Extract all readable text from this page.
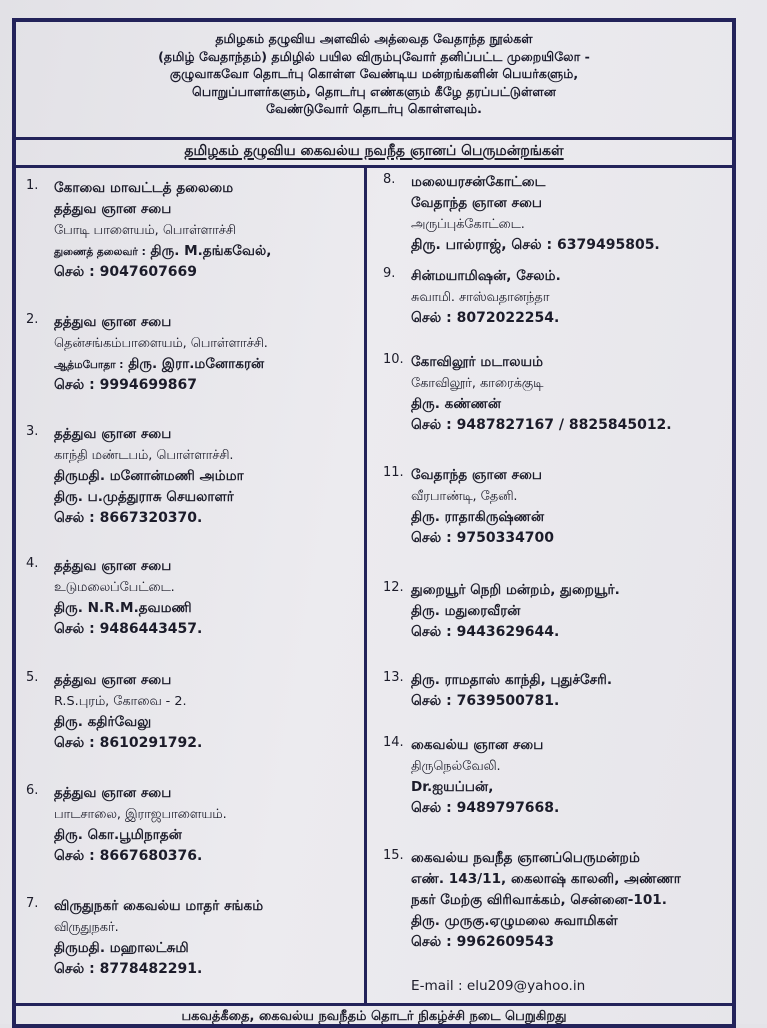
தமிழகம் தழுவிய அளவில் அத்வைத வேதாந்த நூல்கள்
(தமிழ் வேதாந்தம்) தமிழில் பயில விரும்புவோர் தனிப்பட்ட முறையிலோ -
குழுவாகவோ தொடர்பு கொள்ள வேண்டிய மன்றங்களின் பெயர்களும்,
பொறுப்பாளர்களும், தொடர்பு எண்களும் கீழே தரப்பட்டுள்ளன
வேண்டுவோர் தொடர்பு கொள்ளவும்.
தமிழகம் தழுவிய கைவல்ய நவநீத ஞானப் பெருமன்றங்கள்
1. கோவை மாவட்டத் தலைமை
தத்துவ ஞான சபை
போடி பாளையம், பொள்ளாச்சி
துணைத் தலைவர் : திரு. M.தங்கவேல்,
செல் : 9047607669
2. தத்துவ ஞான சபை
தென்சங்கம்பாளையம், பொள்ளாச்சி.
ஆத்மபோதா : திரு. இரா.மனோகரன்
செல் : 9994699867
3. தத்துவ ஞான சபை
காந்தி மண்டபம், பொள்ளாச்சி.
திருமதி. மனோன்மணி அம்மா
திரு. ப.முத்துராசு செயலாளர்
செல் : 8667320370.
4. தத்துவ ஞான சபை
உடுமலைப்பேட்டை.
திரு. N.R.M.தவமணி
செல் : 9486443457.
5. தத்துவ ஞான சபை
R.S.புரம், கோவை - 2.
திரு. கதிர்வேலு
செல் : 8610291792.
6. தத்துவ ஞான சபை
பாடசாலை, இராஜபாளையம்.
திரு. கொ.பூமிநாதன்
செல் : 8667680376.
7. விருதுநகர் கைவல்ய மாதர் சங்கம்
விருதுநகர்.
திருமதி. மஹாலட்சுமி
செல் : 8778482291.
8. மலையரசன்கோட்டை
வேதாந்த ஞான சபை
அருப்புக்கோட்டை.
திரு. பால்ராஜ், செல் : 6379495805.
9. சின்மயாமிஷன், சேலம்.
சுவாமி. சாஸ்வதானந்தா
செல் : 8072022254.
10. கோவிலூர் மடாலயம்
கோவிலூர், காரைக்குடி
திரு. கண்ணன்
செல் : 9487827167 / 8825845012.
11. வேதாந்த ஞான சபை
வீரபாண்டி, தேனி.
திரு. ராதாகிருஷ்ணன்
செல் : 9750334700
12. துறையூர் நெறி மன்றம், துறையூர்.
திரு. மதுரைவீரன்
செல் : 9443629644.
13. திரு. ராமதாஸ் காந்தி, புதுச்சேரி.
செல் : 7639500781.
14. கைவல்ய ஞான சபை
திருநெல்வேலி.
Dr.ஐயப்பன்,
செல் : 9489797668.
15. கைவல்ய நவநீத ஞானப்பெருமன்றம்
எண். 143/11, கைலாஷ் காலனி, அண்ணா
நகர் மேற்கு விரிவாக்கம், சென்னை-101.
திரு. முருகு.ஏழுமலை சுவாமிகள்
செல் : 9962609543
E-mail : elu209@yahoo.in
பகவத்கீதை, கைவல்ய நவநீதம் தொடர் நிகழ்ச்சி நடை பெறுகிறது
